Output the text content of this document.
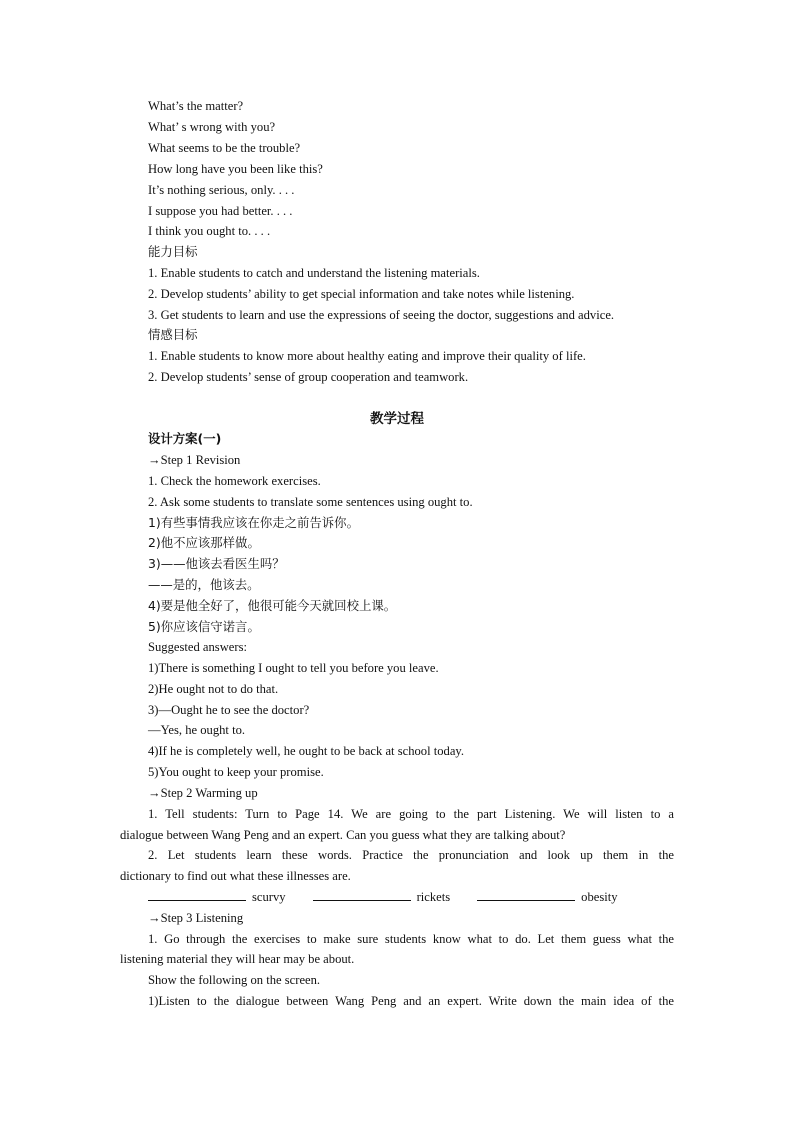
What’s the matter?
What’ s wrong with you?
What seems to be the trouble?
How long have you been like this?
It’s nothing serious, only. . . .
I suppose you had better. . . .
I think you ought to. . . .
能力目标
1. Enable students to catch and understand the listening materials.
2. Develop students’ ability to get special information and take notes while listening.
3. Get students to learn and use the expressions of seeing the doctor, suggestions and advice.
情感目标
1. Enable students to know more about healthy eating and improve their quality of life.
2. Develop students’ sense of group cooperation and teamwork.
教学过程
设计方案(一)
→Step 1 Revision
1. Check the homework exercises.
2. Ask some students to translate some sentences using ought to.
1)有些事情我应该在你走之前告诉你。
2)他不应该那样做。
3)——他该去看医生吗？
——是的，他该去。
4)要是他全好了，他很可能今天就回校上课。
5)你应该信守诺言。
Suggested answers:
1)There is something I ought to tell you before you leave.
2)He ought not to do that.
3)—Ought he to see the doctor?
—Yes, he ought to.
4)If he is completely well, he ought to be back at school today.
5)You ought to keep your promise.
→Step 2 Warming up
1. Tell students: Turn to Page 14. We are going to the part Listening. We will listen to a
dialogue between Wang Peng and an expert. Can you guess what they are talking about?
2. Let students learn these words. Practice the pronunciation and look up them in the
dictionary to find out what these illnesses are.
scurvy	rickets	obesity
→Step 3 Listening
1. Go through the exercises to make sure students know what to do. Let them guess what the
listening material they will hear may be about.
Show the following on the screen.
1)Listen to the dialogue between Wang Peng and an expert. Write down the main idea of the
